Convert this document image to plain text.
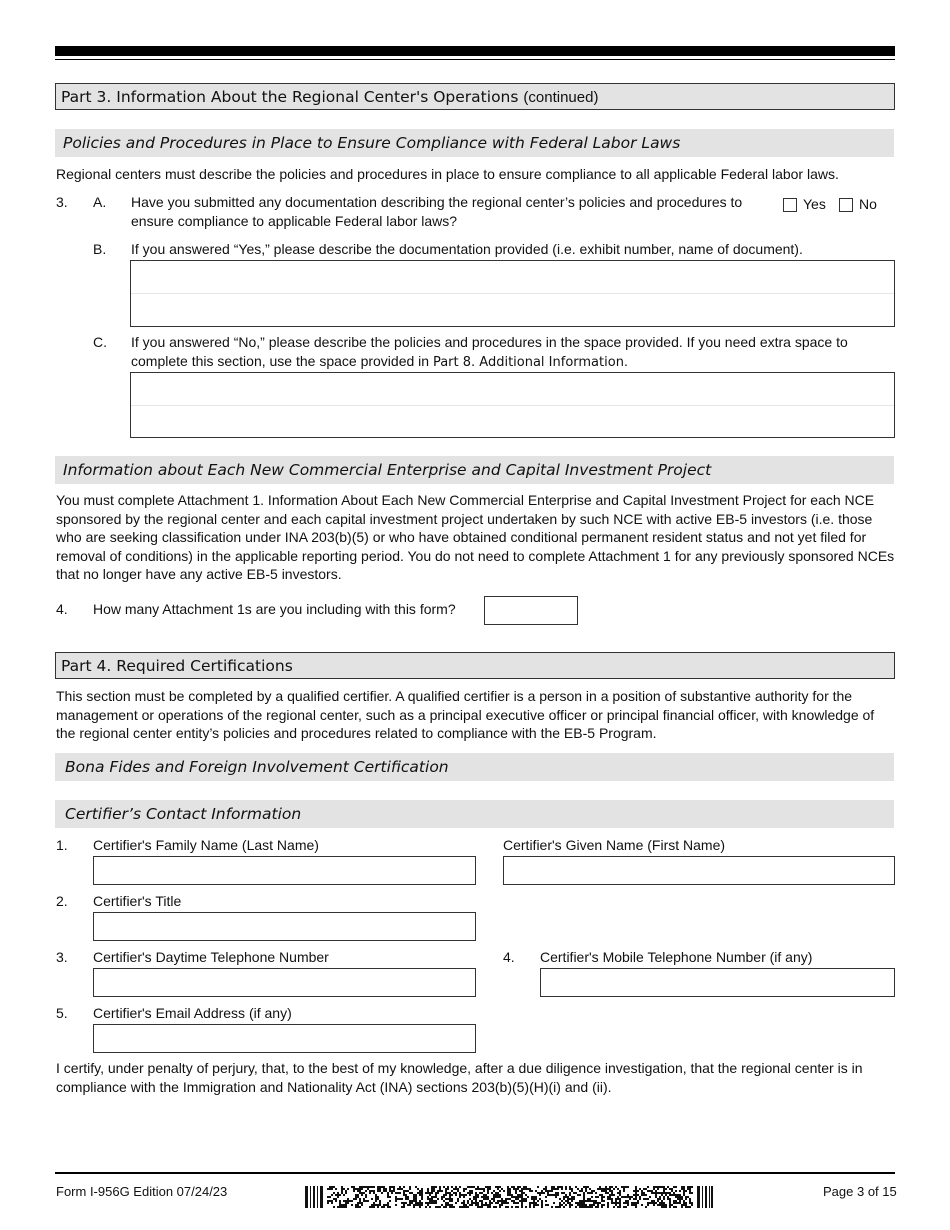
Part 3. Information About the Regional Center's Operations (continued)
Policies and Procedures in Place to Ensure Compliance with Federal Labor Laws
Regional centers must describe the policies and procedures in place to ensure compliance to all applicable Federal labor laws.
3. A. Have you submitted any documentation describing the regional center’s policies and procedures to ensure compliance to applicable Federal labor laws?
Yes No
B. If you answered “Yes,” please describe the documentation provided (i.e. exhibit number, name of document).
C. If you answered “No,” please describe the policies and procedures in the space provided. If you need extra space to complete this section, use the space provided in Part 8. Additional Information.
Information about Each New Commercial Enterprise and Capital Investment Project
You must complete Attachment 1. Information About Each New Commercial Enterprise and Capital Investment Project for each NCE sponsored by the regional center and each capital investment project undertaken by such NCE with active EB-5 investors (i.e. those who are seeking classification under INA 203(b)(5) or who have obtained conditional permanent resident status and not yet filed for removal of conditions) in the applicable reporting period. You do not need to complete Attachment 1 for any previously sponsored NCEs that no longer have any active EB-5 investors.
4. How many Attachment 1s are you including with this form?
Part 4. Required Certifications
This section must be completed by a qualified certifier. A qualified certifier is a person in a position of substantive authority for the management or operations of the regional center, such as a principal executive officer or principal financial officer, with knowledge of the regional center entity’s policies and procedures related to compliance with the EB-5 Program.
Bona Fides and Foreign Involvement Certification
Certifier’s Contact Information
1. Certifier's Family Name (Last Name)	Certifier's Given Name (First Name)
2. Certifier's Title
3. Certifier's Daytime Telephone Number	4. Certifier's Mobile Telephone Number (if any)
5. Certifier's Email Address (if any)
I certify, under penalty of perjury, that, to the best of my knowledge, after a due diligence investigation, that the regional center is in compliance with the Immigration and Nationality Act (INA) sections 203(b)(5)(H)(i) and (ii).
Form I-956G Edition 07/24/23	Page 3 of 15
